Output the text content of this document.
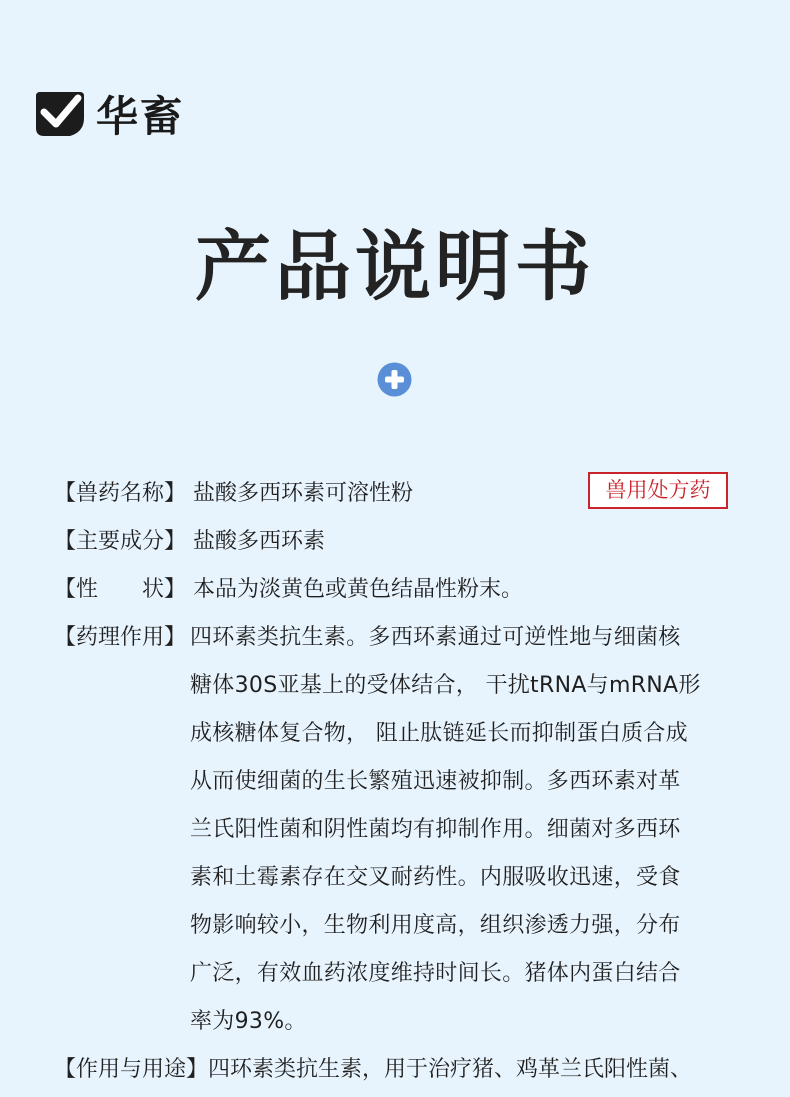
华畜
产品说明书
兽用处方药
【兽药名称】 盐酸多西环素可溶性粉
【主要成分】 盐酸多西环素
【性　　状】 本品为淡黄色或黄色结晶性粉末。
【药理作用】 四环素类抗生素。多西环素通过可逆性地与细菌核
糖体30S亚基上的受体结合， 干扰tRNA与mRNA形
成核糖体复合物， 阻止肽链延长而抑制蛋白质合成
从而使细菌的生长繁殖迅速被抑制。多西环素对革
兰氏阳性菌和阴性菌均有抑制作用。细菌对多西环
素和土霉素存在交叉耐药性。内服吸收迅速，受食
物影响较小，生物利用度高，组织渗透力强，分布
广泛，有效血药浓度维持时间长。猪体内蛋白结合
率为93%。
【作用与用途】四环素类抗生素，用于治疗猪、鸡革兰氏阳性菌、
